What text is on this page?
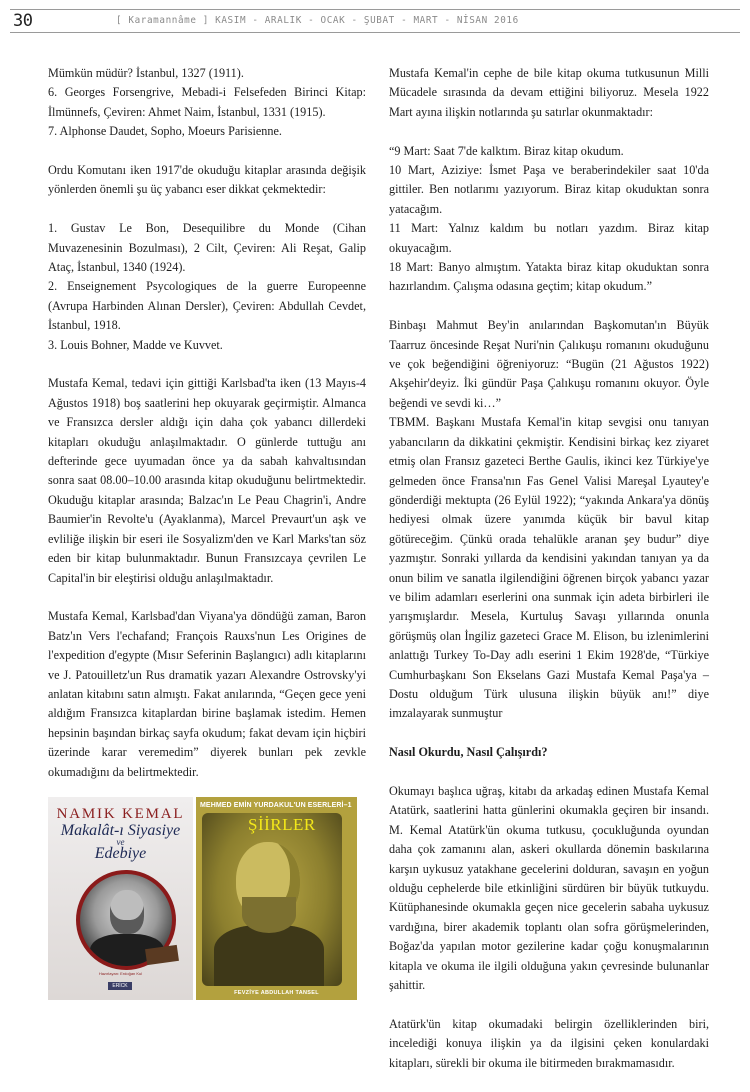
30	[ Karamannâme ] KASIM - ARALIK - OCAK - ŞUBAT - MART - NİSAN 2016

Mümkün müdür? İstanbul, 1327 (1911).

6. Georges Forsengrive, Mebadi-i Felsefeden Birinci Kitap: İlmünnefs, Çeviren: Ahmet Naim, İstanbul, 1331 (1915).

7. Alphonse Daudet, Sopho, Moeurs Parisienne.

Ordu Komutanı iken 1917'de okuduğu kitaplar arasında değişik yönlerden önemli şu üç yabancı eser dikkat çekmektedir:

1. Gustav Le Bon, Desequilibre du Monde (Cihan Muvazenesinin Bozulması), 2 Cilt, Çeviren: Ali Reşat, Galip Ataç, İstanbul, 1340 (1924).

2. Enseignement Psycologiques de la guerre Europeenne (Avrupa Harbinden Alınan Dersler), Çeviren: Abdullah Cevdet, İstanbul, 1918.

3. Louis Bohner, Madde ve Kuvvet.

Mustafa Kemal, tedavi için gittiği Karlsbad'ta iken (13 Mayıs-4 Ağustos 1918) boş saatlerini hep okuyarak geçirmiştir. Almanca ve Fransızca dersler aldığı için daha çok yabancı dillerdeki kitapları okuduğu anlaşılmaktadır. O günlerde tuttuğu anı defterinde gece uyumadan önce ya da sabah kahvaltısından sonra saat 08.00–10.00 arasında kitap okuduğunu belirtmektedir. Okuduğu kitaplar arasında; Balzac'ın Le Peau Chagrin'i, Andre Baumier'in Revolte'u (Ayaklanma), Marcel Prevaurt'un aşk ve evliliğe ilişkin bir eseri ile Sosyalizm'den ve Karl Marks'tan söz eden bir kitap bulunmaktadır. Bunun Fransızcaya çevrilen Le Capital'in bir eleştirisi olduğu anlaşılmaktadır.

Mustafa Kemal, Karlsbad'dan Viyana'ya döndüğü zaman, Baron Batz'ın Vers l'echafand; François Rauxs'nun Les Origines de l'expedition d'egypte (Mısır Seferinin Başlangıcı) adlı kitaplarını ve J. Patouilletz'un Rus dramatik yazarı Alexandre Ostrovsky'yi anlatan kitabını satın almıştı. Fakat anılarında, “Geçen gece yeni aldığım Fransızca kitaplardan birine başlamak istedim. Hemen hepsinin başından birkaç sayfa okudum; fakat devam için hiçbiri üzerinde karar veremedim” diyerek bunları pek zevkle okumadığını da belirtmektedir.

NAMIK KEMAL
Makalât-ı Siyasiye
ve
Edebiye
Hazırlayan: Erdoğan Kul
ERİCK
MEHMED EMİN YURDAKUL'UN ESERLERİ–1
ŞİİRLER
FEVZİYE ABDULLAH TANSEL

Mustafa Kemal'in cephe de bile kitap okuma tutkusunun Milli Mücadele sırasında da devam ettiğini biliyoruz. Mesela 1922 Mart ayına ilişkin notlarında şu satırlar okunmaktadır:

“9 Mart: Saat 7'de kalktım. Biraz kitap okudum.

10 Mart, Aziziye: İsmet Paşa ve beraberindekiler saat 10'da gittiler. Ben notlarımı yazıyorum. Biraz kitap okuduktan sonra yatacağım.

11 Mart: Yalnız kaldım bu notları yazdım. Biraz kitap okuyacağım.

18 Mart: Banyo almıştım. Yatakta biraz kitap okuduktan sonra hazırlandım. Çalışma odasına geçtim; kitap okudum.”

Binbaşı Mahmut Bey'in anılarından Başkomutan'ın Büyük Taarruz öncesinde Reşat Nuri'nin Çalıkuşu romanını okuduğunu ve çok beğendiğini öğreniyoruz: “Bugün (21 Ağustos 1922) Akşehir'deyiz. İki gündür Paşa Çalıkuşu romanını okuyor. Öyle beğendi ve sevdi ki…”

TBMM. Başkanı Mustafa Kemal'in kitap sevgisi onu tanıyan yabancıların da dikkatini çekmiştir. Kendisini birkaç kez ziyaret etmiş olan Fransız gazeteci Berthe Gaulis, ikinci kez Türkiye'ye gelmeden önce Fransa'nın Fas Genel Valisi Mareşal Lyautey'e gönderdiği mektupta (26 Eylül 1922); “yakında Ankara'ya dönüş hediyesi olmak üzere yanımda küçük bir bavul kitap götüreceğim. Çünkü orada tehalükle aranan şey budur” diye yazmıştır. Sonraki yıllarda da kendisini yakından tanıyan ya da onun bilim ve sanatla ilgilendiğini öğrenen birçok yabancı yazar ve bilim adamları eserlerini ona sunmak için adeta birbirleri ile yarışmışlardır. Mesela, Kurtuluş Savaşı yıllarında onunla görüşmüş olan İngiliz gazeteci Grace M. Elison, bu izlenimlerini anlattığı Turkey To-Day adlı eserini 1 Ekim 1928'de, “Türkiye Cumhurbaşkanı Son Ekselans Gazi Mustafa Kemal Paşa'ya – Dostu olduğum Türk ulusuna ilişkin büyük anı!” diye imzalayarak sunmuştur

Nasıl Okurdu, Nasıl Çalışırdı?

Okumayı başlıca uğraş, kitabı da arkadaş edinen Mustafa Kemal Atatürk, saatlerini hatta günlerini okumakla geçiren bir insandı. M. Kemal Atatürk'ün okuma tutkusu, çocukluğunda oyundan daha çok zamanını alan, askeri okullarda dönemin baskılarına karşın uykusuz yatakhane gecelerini dolduran, savaşın en yoğun olduğu cephelerde bile etkinliğini sürdüren bir büyük tutkuydu. Kütüphanesinde okumakla geçen nice gecelerin sabaha uykusuz vardığına, birer akademik toplantı olan sofra görüşmelerinden, Boğaz'da yapılan motor gezilerine kadar çoğu konuşmalarının kitapla ve okuma ile ilgili olduğuna yakın çevresinde bulunanlar şahittir.

Atatürk'ün kitap okumadaki belirgin özelliklerinden biri, incelediği konuya ilişkin ya da ilgisini çeken konulardaki kitapları, sürekli bir okuma ile bitirmeden bırakmamasıdır.
